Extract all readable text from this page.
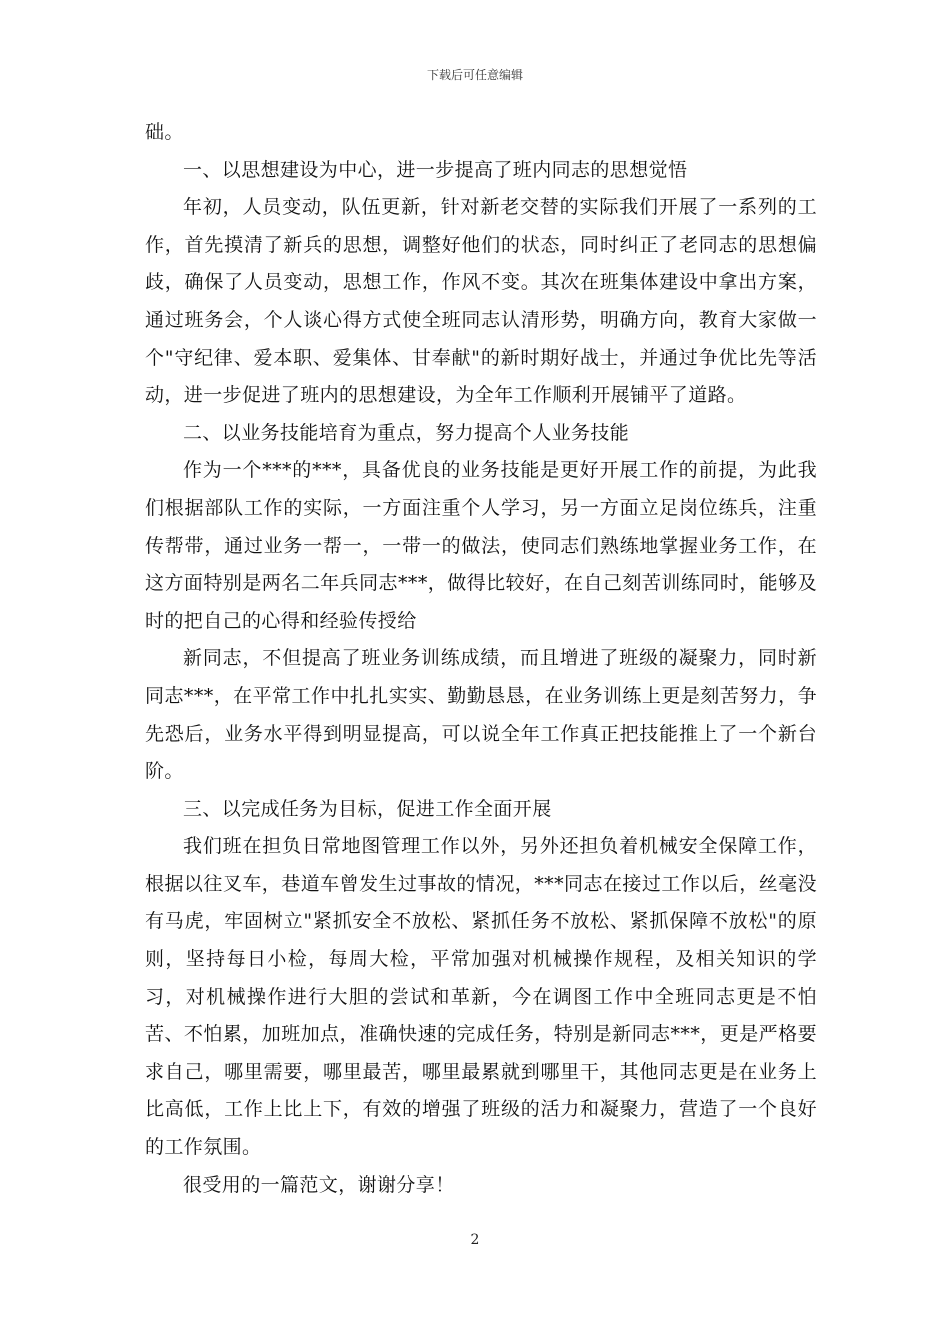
下载后可任意编辑

础。

一、以思想建设为中心，进一步提高了班内同志的思想觉悟

年初，人员变动，队伍更新，针对新老交替的实际我们开展了一系列的工作，首先摸清了新兵的思想，调整好他们的状态，同时纠正了老同志的思想偏歧，确保了人员变动，思想工作，作风不变。其次在班集体建设中拿出方案，通过班务会，个人谈心得方式使全班同志认清形势，明确方向，教育大家做一个"守纪律、爱本职、爱集体、甘奉献"的新时期好战士，并通过争优比先等活动，进一步促进了班内的思想建设，为全年工作顺利开展铺平了道路。

二、以业务技能培育为重点，努力提高个人业务技能

作为一个***的***，具备优良的业务技能是更好开展工作的前提，为此我们根据部队工作的实际，一方面注重个人学习，另一方面立足岗位练兵，注重传帮带，通过业务一帮一，一带一的做法，使同志们熟练地掌握业务工作，在这方面特别是两名二年兵同志***，做得比较好，在自己刻苦训练同时，能够及时的把自己的心得和经验传授给

新同志，不但提高了班业务训练成绩，而且增进了班级的凝聚力，同时新同志***，在平常工作中扎扎实实、勤勤恳恳，在业务训练上更是刻苦努力，争先恐后，业务水平得到明显提高，可以说全年工作真正把技能推上了一个新台阶。

三、以完成任务为目标，促进工作全面开展

我们班在担负日常地图管理工作以外，另外还担负着机械安全保障工作，根据以往叉车，巷道车曾发生过事故的情况，***同志在接过工作以后，丝毫没有马虎，牢固树立"紧抓安全不放松、紧抓任务不放松、紧抓保障不放松"的原则，坚持每日小检，每周大检，平常加强对机械操作规程，及相关知识的学习，对机械操作进行大胆的尝试和革新，今在调图工作中全班同志更是不怕苦、不怕累，加班加点，准确快速的完成任务，特别是新同志***，更是严格要求自己，哪里需要，哪里最苦，哪里最累就到哪里干，其他同志更是在业务上比高低，工作上比上下，有效的增强了班级的活力和凝聚力，营造了一个良好的工作氛围。

很受用的一篇范文，谢谢分享！

2
